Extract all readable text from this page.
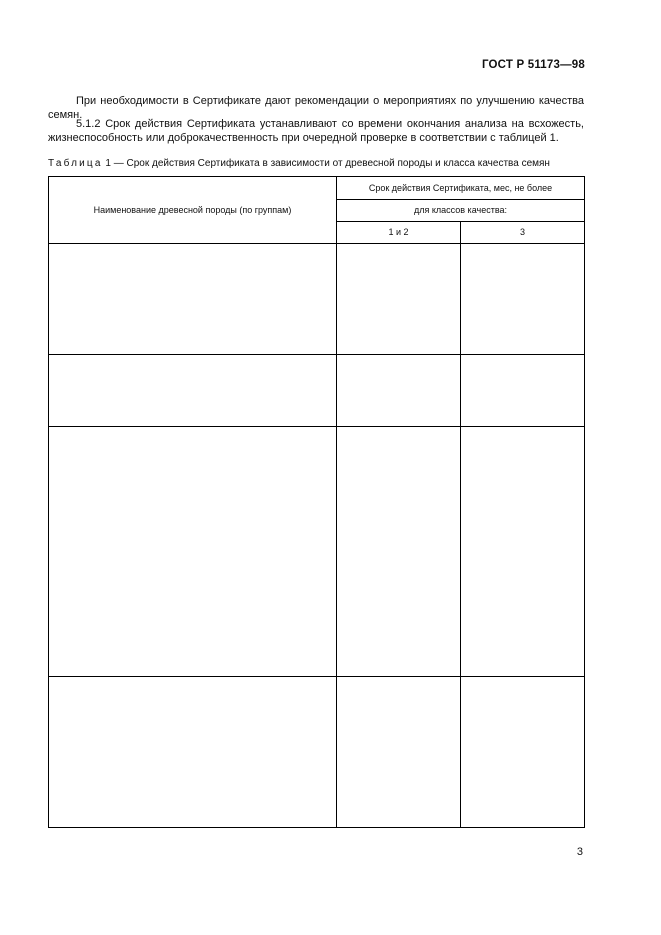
ГОСТ Р 51173—98

При необходимости в Сертификате дают рекомендации о мероприятиях по улучшению качества семян.

5.1.2 Срок действия Сертификата устанавливают со времени окончания анализа на всхожесть, жизнеспособность или доброкачественность при очередной проверке в соответствии с таблицей 1.

Таблица 1 — Срок действия Сертификата в зависимости от древесной породы и класса качества семян
Наименование древесной породы (по группам)	Срок действия Сертификата, мес, не более	
	для классов качества:	
	1 и 2	3

3
